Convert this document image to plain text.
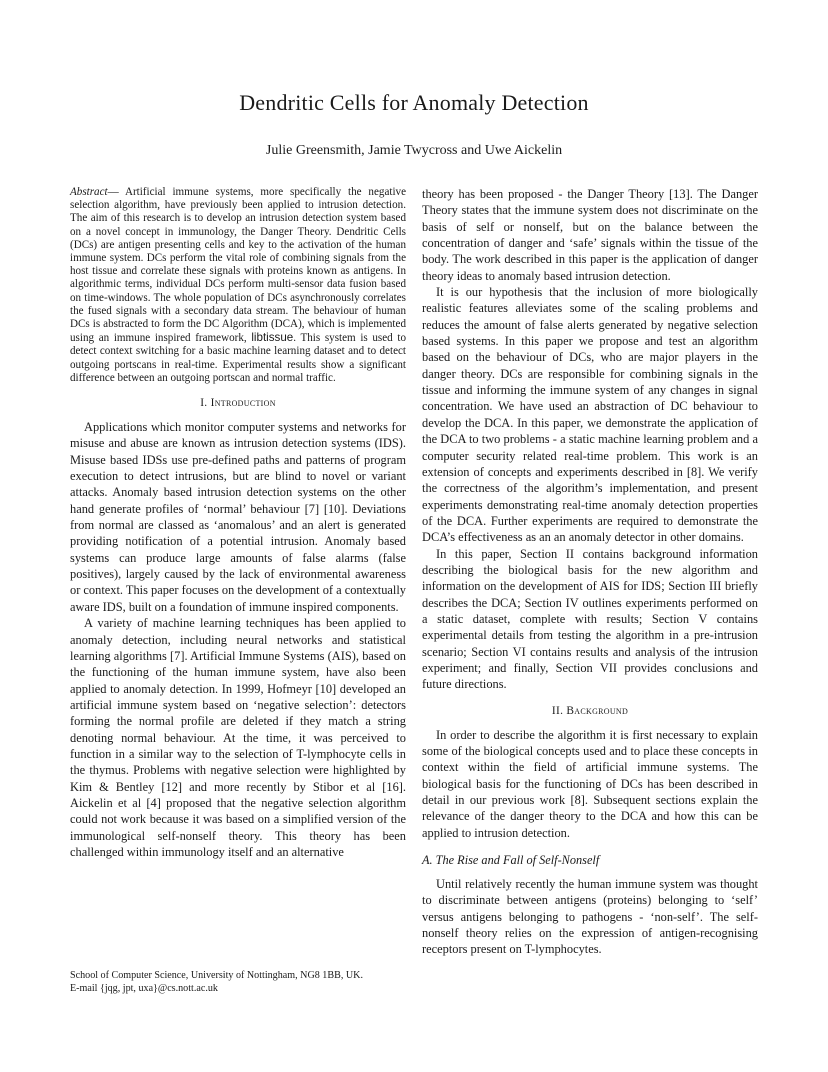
Dendritic Cells for Anomaly Detection
Julie Greensmith, Jamie Twycross and Uwe Aickelin

Abstract— Artificial immune systems, more specifically the negative selection algorithm, have previously been applied to intrusion detection. The aim of this research is to develop an intrusion detection system based on a novel concept in immunology, the Danger Theory. Dendritic Cells (DCs) are antigen presenting cells and key to the activation of the human immune system. DCs perform the vital role of combining signals from the host tissue and correlate these signals with proteins known as antigens. In algorithmic terms, individual DCs perform multi-sensor data fusion based on time-windows. The whole population of DCs asynchronously correlates the fused signals with a secondary data stream. The behaviour of human DCs is abstracted to form the DC Algorithm (DCA), which is implemented using an immune inspired framework, libtissue. This system is used to detect context switching for a basic machine learning dataset and to detect outgoing portscans in real-time. Experimental results show a significant difference between an outgoing portscan and normal traffic.

I. Introduction

Applications which monitor computer systems and networks for misuse and abuse are known as intrusion detection systems (IDS). Misuse based IDSs use pre-defined paths and patterns of program execution to detect intrusions, but are blind to novel or variant attacks. Anomaly based intrusion detection systems on the other hand generate profiles of ‘normal’ behaviour [7] [10]. Deviations from normal are classed as ‘anomalous’ and an alert is generated providing notification of a potential intrusion. Anomaly based systems can produce large amounts of false alarms (false positives), largely caused by the lack of environmental awareness or context. This paper focuses on the development of a contextually aware IDS, built on a foundation of immune inspired components.

A variety of machine learning techniques has been applied to anomaly detection, including neural networks and statistical learning algorithms [7]. Artificial Immune Systems (AIS), based on the functioning of the human immune system, have also been applied to anomaly detection. In 1999, Hofmeyr [10] developed an artificial immune system based on ‘negative selection’: detectors forming the normal profile are deleted if they match a string denoting normal behaviour. At the time, it was perceived to function in a similar way to the selection of T-lymphocyte cells in the thymus. Problems with negative selection were highlighted by Kim & Bentley [12] and more recently by Stibor et al [16]. Aickelin et al [4] proposed that the negative selection algorithm could not work because it was based on a simplified version of the immunological self-nonself theory. This theory has been challenged within immunology itself and an alternative

theory has been proposed - the Danger Theory [13]. The Danger Theory states that the immune system does not discriminate on the basis of self or nonself, but on the balance between the concentration of danger and ‘safe’ signals within the tissue of the body. The work described in this paper is the application of danger theory ideas to anomaly based intrusion detection.

It is our hypothesis that the inclusion of more biologically realistic features alleviates some of the scaling problems and reduces the amount of false alerts generated by negative selection based systems. In this paper we propose and test an algorithm based on the behaviour of DCs, who are major players in the danger theory. DCs are responsible for combining signals in the tissue and informing the immune system of any changes in signal concentration. We have used an abstraction of DC behaviour to develop the DCA. In this paper, we demonstrate the application of the DCA to two problems - a static machine learning problem and a computer security related real-time problem. This work is an extension of concepts and experiments described in [8]. We verify the correctness of the algorithm’s implementation, and present experiments demonstrating real-time anomaly detection properties of the DCA. Further experiments are required to demonstrate the DCA’s effectiveness as an an anomaly detector in other domains.

In this paper, Section II contains background information describing the biological basis for the new algorithm and information on the development of AIS for IDS; Section III briefly describes the DCA; Section IV outlines experiments performed on a static dataset, complete with results; Section V contains experimental details from testing the algorithm in a pre-intrusion scenario; Section VI contains results and analysis of the intrusion experiment; and finally, Section VII provides conclusions and future directions.

II. Background

In order to describe the algorithm it is first necessary to explain some of the biological concepts used and to place these concepts in context within the field of artificial immune systems. The biological basis for the functioning of DCs has been described in detail in our previous work [8]. Subsequent sections explain the relevance of the danger theory to the DCA and how this can be applied to intrusion detection.

A. The Rise and Fall of Self-Nonself

Until relatively recently the human immune system was thought to discriminate between antigens (proteins) belonging to ‘self’ versus antigens belonging to pathogens - ‘non-self’. The self-nonself theory relies on the expression of antigen-recognising receptors present on T-lymphocytes.

School of Computer Science, University of Nottingham, NG8 1BB, UK.
E-mail {jqg, jpt, uxa}@cs.nott.ac.uk
